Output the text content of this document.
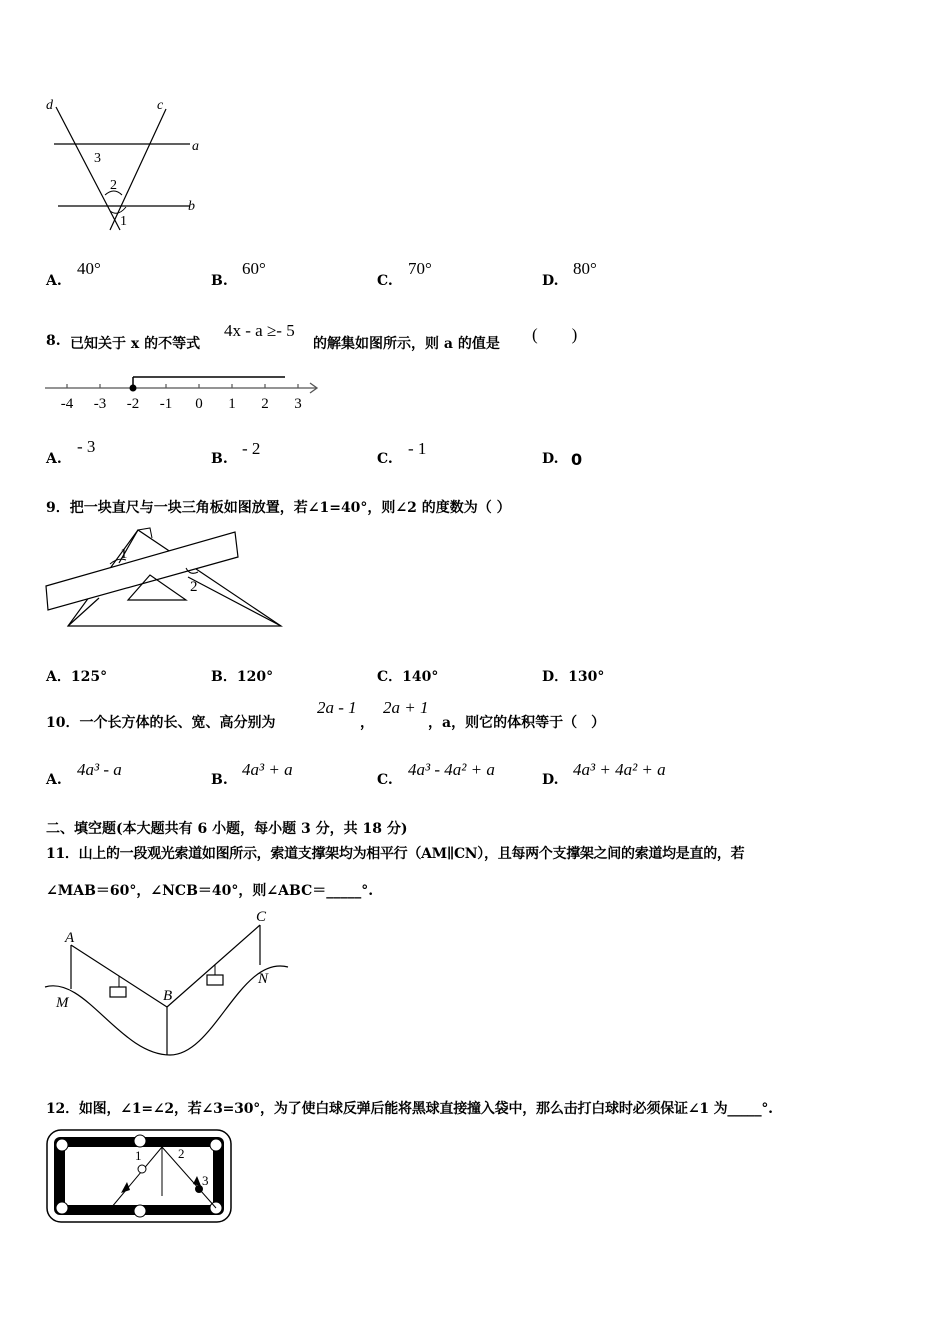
d	c
a
b
3
2
1
A.
40°
B.
60°
C.
70°
D.
80°
8. 已知关于 x 的不等式
4x - a ≥- 5
的解集如图所示，则 a 的值是 (　　)
-4 -3 -2 -1 0 1 2 3
A.
- 3
B.
- 2
C.
- 1
D. 0
9．把一块直尺与一块三角板如图放置，若∠1=40°，则∠2 的度数为（ ）
1
2
A．125°	B．120°	C．140°	D．130°
10．一个长方体的长、宽、高分别为
2a - 1
，
2a + 1
，a，则它的体积等于（　）
A.
4a³ - a
B.
4a³ + a
C.
4a³ - 4a² + a
D.
4a³ + 4a² + a
二、填空题(本大题共有 6 小题，每小题 3 分，共 18 分)
11．山上的一段观光索道如图所示，索道支撑架均为相平行（AM∥CN），且每两个支撑架之间的索道均是直的，若
∠MAB＝60°，∠NCB＝40°，则∠ABC＝_____°.
A
B
C
M
N
12．如图，∠1=∠2，若∠3=30°，为了使白球反弹后能将黑球直接撞入袋中，那么击打白球时必须保证∠1 为_____°.
1	2
3
